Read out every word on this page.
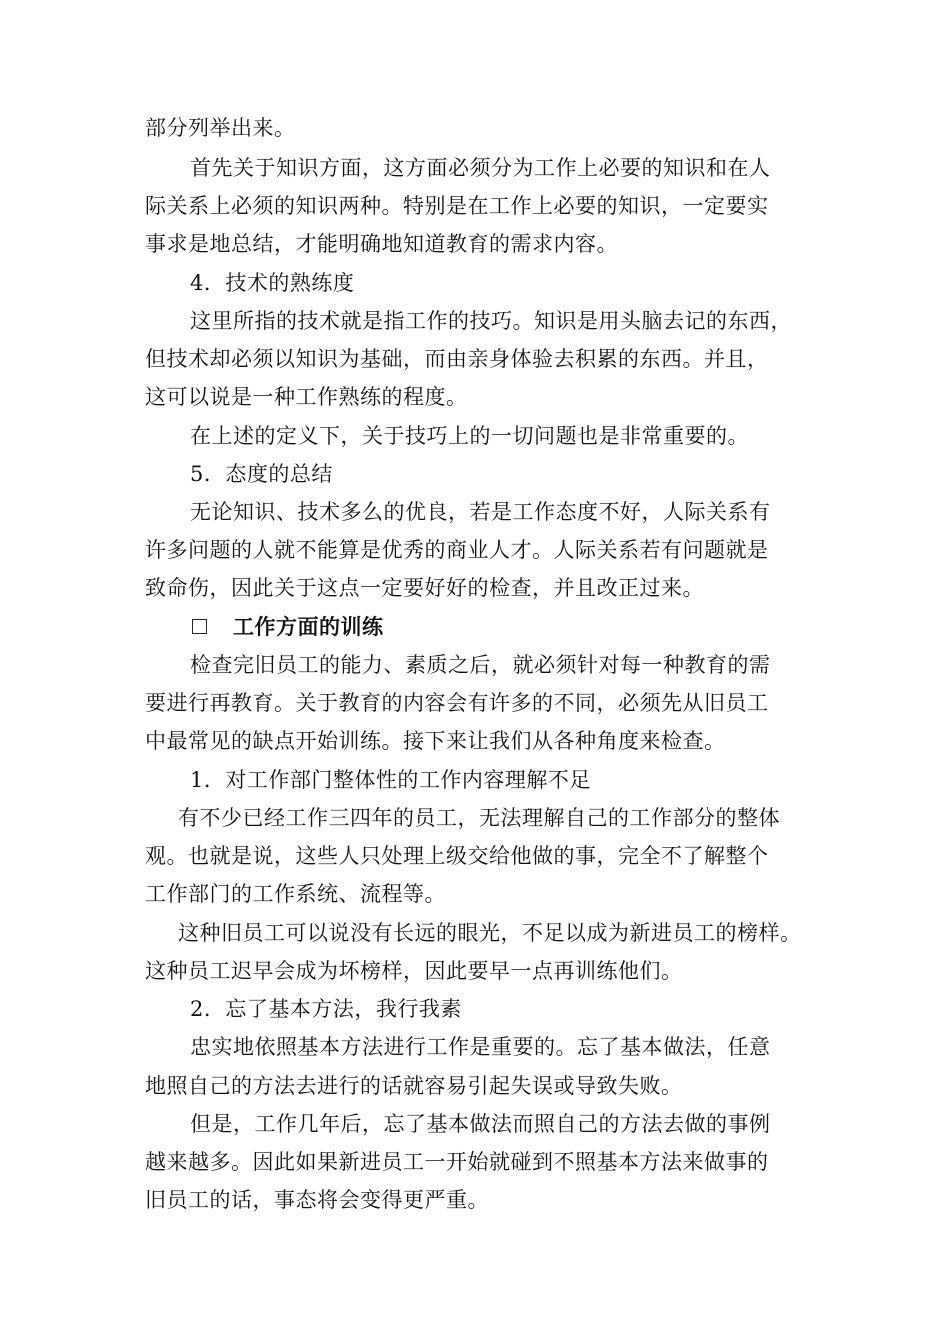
部分列举出来。
首先关于知识方面，这方面必须分为工作上必要的知识和在人
际关系上必须的知识两种。特别是在工作上必要的知识，一定要实
事求是地总结，才能明确地知道教育的需求内容。
4．技术的熟练度
这里所指的技术就是指工作的技巧。知识是用头脑去记的东西，
但技术却必须以知识为基础，而由亲身体验去积累的东西。并且，
这可以说是一种工作熟练的程度。
在上述的定义下，关于技巧上的一切问题也是非常重要的。
5．态度的总结
无论知识、技术多么的优良，若是工作态度不好，人际关系有
许多问题的人就不能算是优秀的商业人才。人际关系若有问题就是
致命伤，因此关于这点一定要好好的检查，并且改正过来。
工作方面的训练
检查完旧员工的能力、素质之后，就必须针对每一种教育的需
要进行再教育。关于教育的内容会有许多的不同，必须先从旧员工
中最常见的缺点开始训练。接下来让我们从各种角度来检查。
1．对工作部门整体性的工作内容理解不足
有不少已经工作三四年的员工，无法理解自己的工作部分的整体
观。也就是说，这些人只处理上级交给他做的事，完全不了解整个
工作部门的工作系统、流程等。
这种旧员工可以说没有长远的眼光，不足以成为新进员工的榜样。
这种员工迟早会成为坏榜样，因此要早一点再训练他们。
2．忘了基本方法，我行我素
忠实地依照基本方法进行工作是重要的。忘了基本做法，任意
地照自己的方法去进行的话就容易引起失误或导致失败。
但是，工作几年后，忘了基本做法而照自己的方法去做的事例
越来越多。因此如果新进员工一开始就碰到不照基本方法来做事的
旧员工的话，事态将会变得更严重。
